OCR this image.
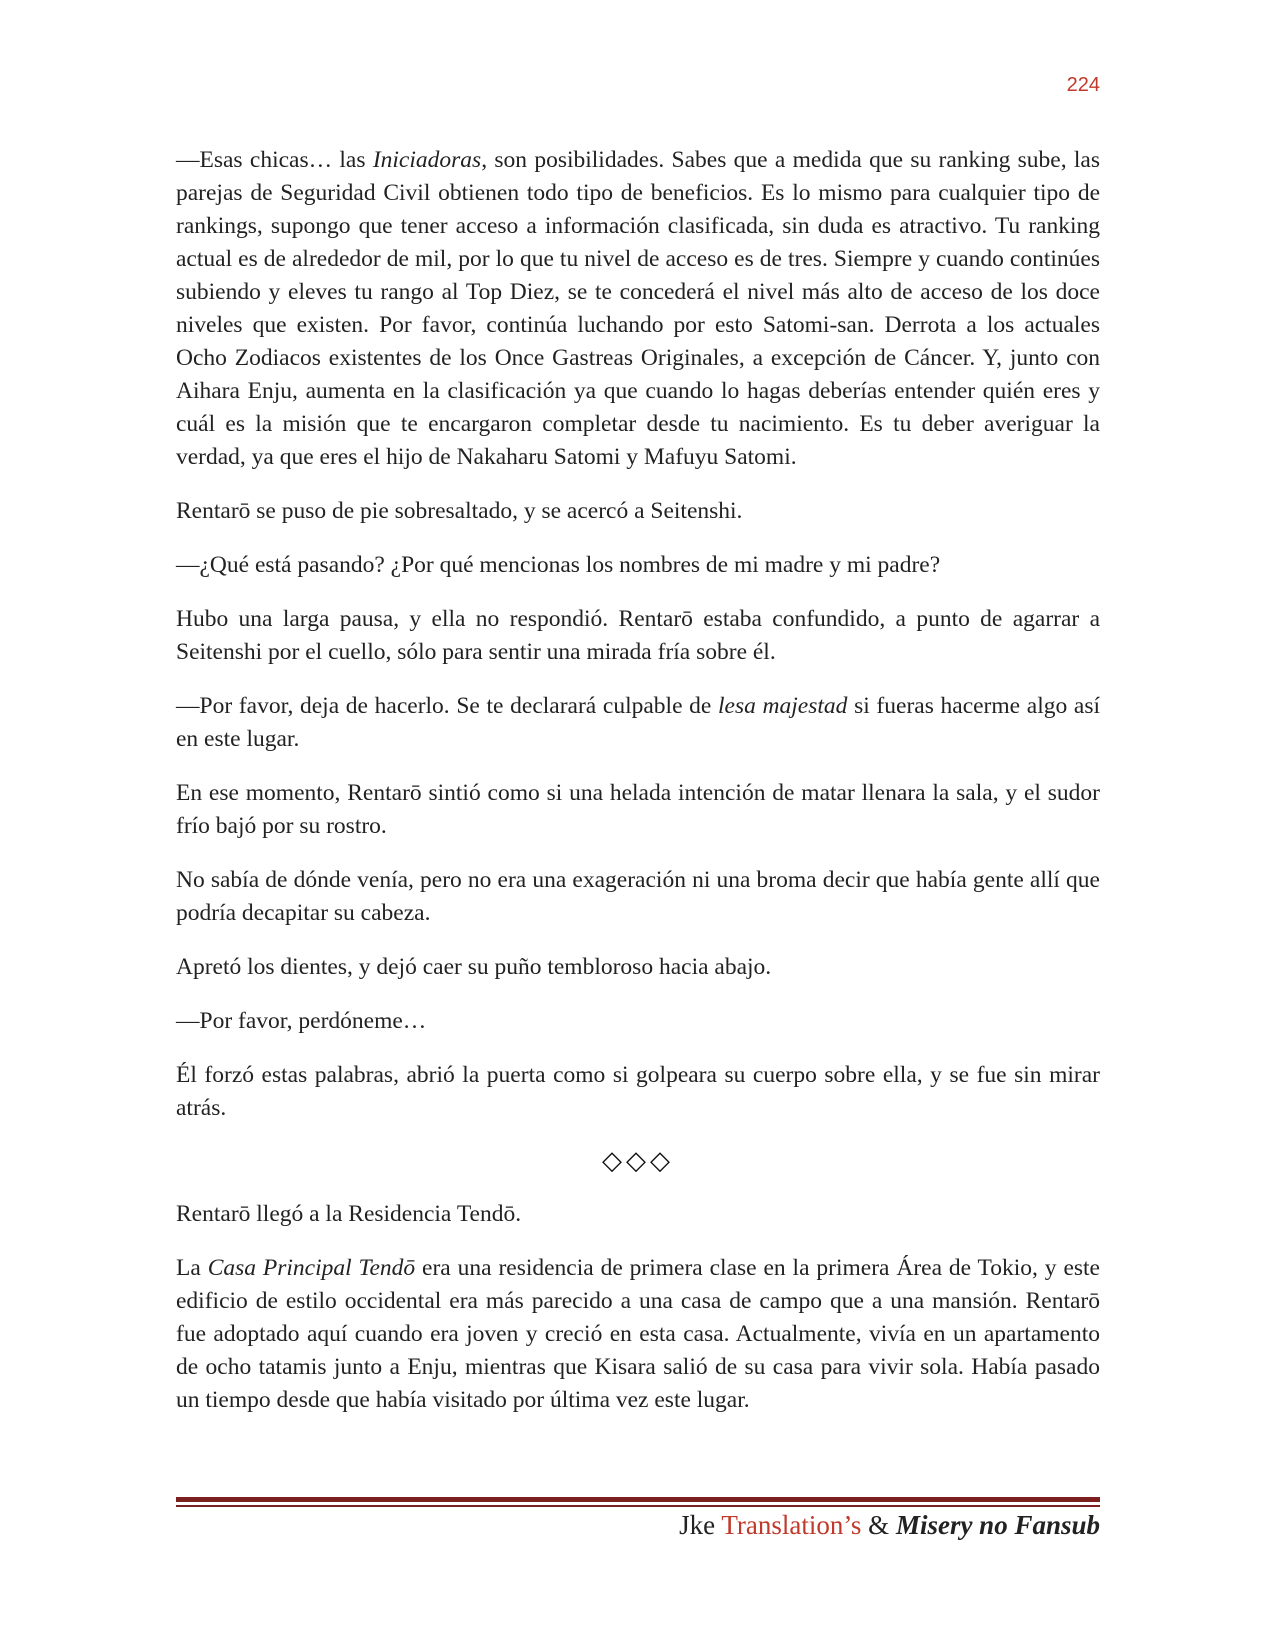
224

—Esas chicas… las Iniciadoras, son posibilidades. Sabes que a medida que su ranking sube, las parejas de Seguridad Civil obtienen todo tipo de beneficios. Es lo mismo para cualquier tipo de rankings, supongo que tener acceso a información clasificada, sin duda es atractivo. Tu ranking actual es de alrededor de mil, por lo que tu nivel de acceso es de tres. Siempre y cuando continúes subiendo y eleves tu rango al Top Diez, se te concederá el nivel más alto de acceso de los doce niveles que existen. Por favor, continúa luchando por esto Satomi-san. Derrota a los actuales Ocho Zodiacos existentes de los Once Gastreas Originales, a excepción de Cáncer. Y, junto con Aihara Enju, aumenta en la clasificación ya que cuando lo hagas deberías entender quién eres y cuál es la misión que te encargaron completar desde tu nacimiento. Es tu deber averiguar la verdad, ya que eres el hijo de Nakaharu Satomi y Mafuyu Satomi.

Rentarō se puso de pie sobresaltado, y se acercó a Seitenshi.

—¿Qué está pasando? ¿Por qué mencionas los nombres de mi madre y mi padre?

Hubo una larga pausa, y ella no respondió. Rentarō estaba confundido, a punto de agarrar a Seitenshi por el cuello, sólo para sentir una mirada fría sobre él.

—Por favor, deja de hacerlo. Se te declarará culpable de lesa majestad si fueras hacerme algo así en este lugar.

En ese momento, Rentarō sintió como si una helada intención de matar llenara la sala, y el sudor frío bajó por su rostro.

No sabía de dónde venía, pero no era una exageración ni una broma decir que había gente allí que podría decapitar su cabeza.

Apretó los dientes, y dejó caer su puño tembloroso hacia abajo.

—Por favor, perdóneme…

Él forzó estas palabras, abrió la puerta como si golpeara su cuerpo sobre ella, y se fue sin mirar atrás.

◇◇◇

Rentarō llegó a la Residencia Tendō.

La Casa Principal Tendō era una residencia de primera clase en la primera Área de Tokio, y este edificio de estilo occidental era más parecido a una casa de campo que a una mansión. Rentarō fue adoptado aquí cuando era joven y creció en esta casa. Actualmente, vivía en un apartamento de ocho tatamis junto a Enju, mientras que Kisara salió de su casa para vivir sola. Había pasado un tiempo desde que había visitado por última vez este lugar.

Jke Translation’s & Misery no Fansub
